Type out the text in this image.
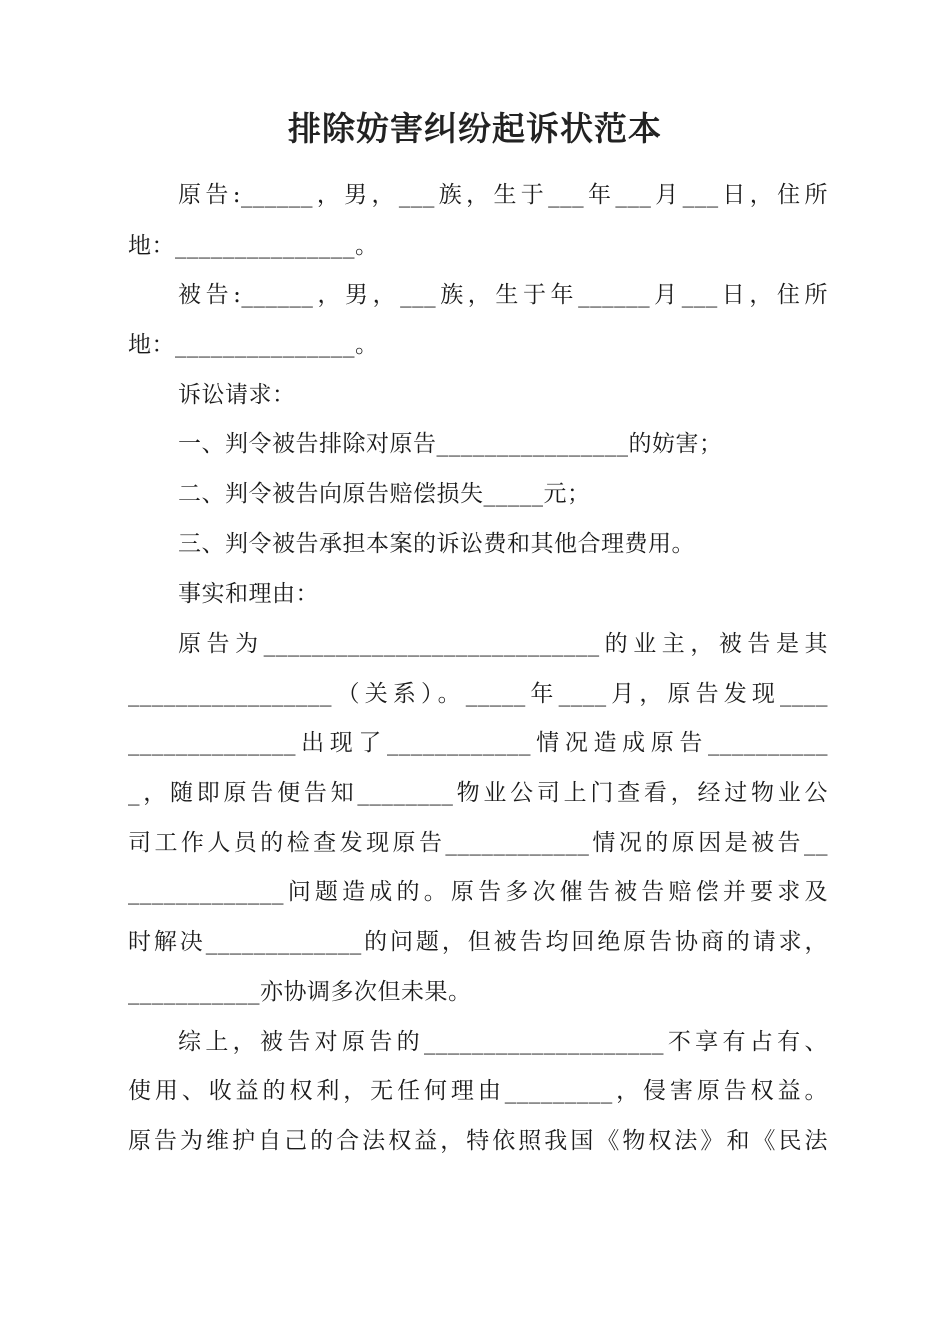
排除妨害纠纷起诉状范本
原告:______，男，___族，生于___年___月___日，住所
地：_______________。
被告:______，男，___族，生于年______月___日，住所
地：_______________。
诉讼请求：
一、判令被告排除对原告________________的妨害；
二、判令被告向原告赔偿损失_____元；
三、判令被告承担本案的诉讼费和其他合理费用。
事实和理由：
原告为____________________________的业主，被告是其
_________________（关系）。_____年____月，原告发现____
______________出现了____________情况造成原告__________
_，随即原告便告知________物业公司上门查看，经过物业公
司工作人员的检查发现原告____________情况的原因是被告__
_____________问题造成的。原告多次催告被告赔偿并要求及
时解决_____________的问题，但被告均回绝原告协商的请求，
___________亦协调多次但未果。
综上，被告对原告的____________________不享有占有、
使用、收益的权利，无任何理由_________，侵害原告权益。
原告为维护自己的合法权益，特依照我国《物权法》和《民法
